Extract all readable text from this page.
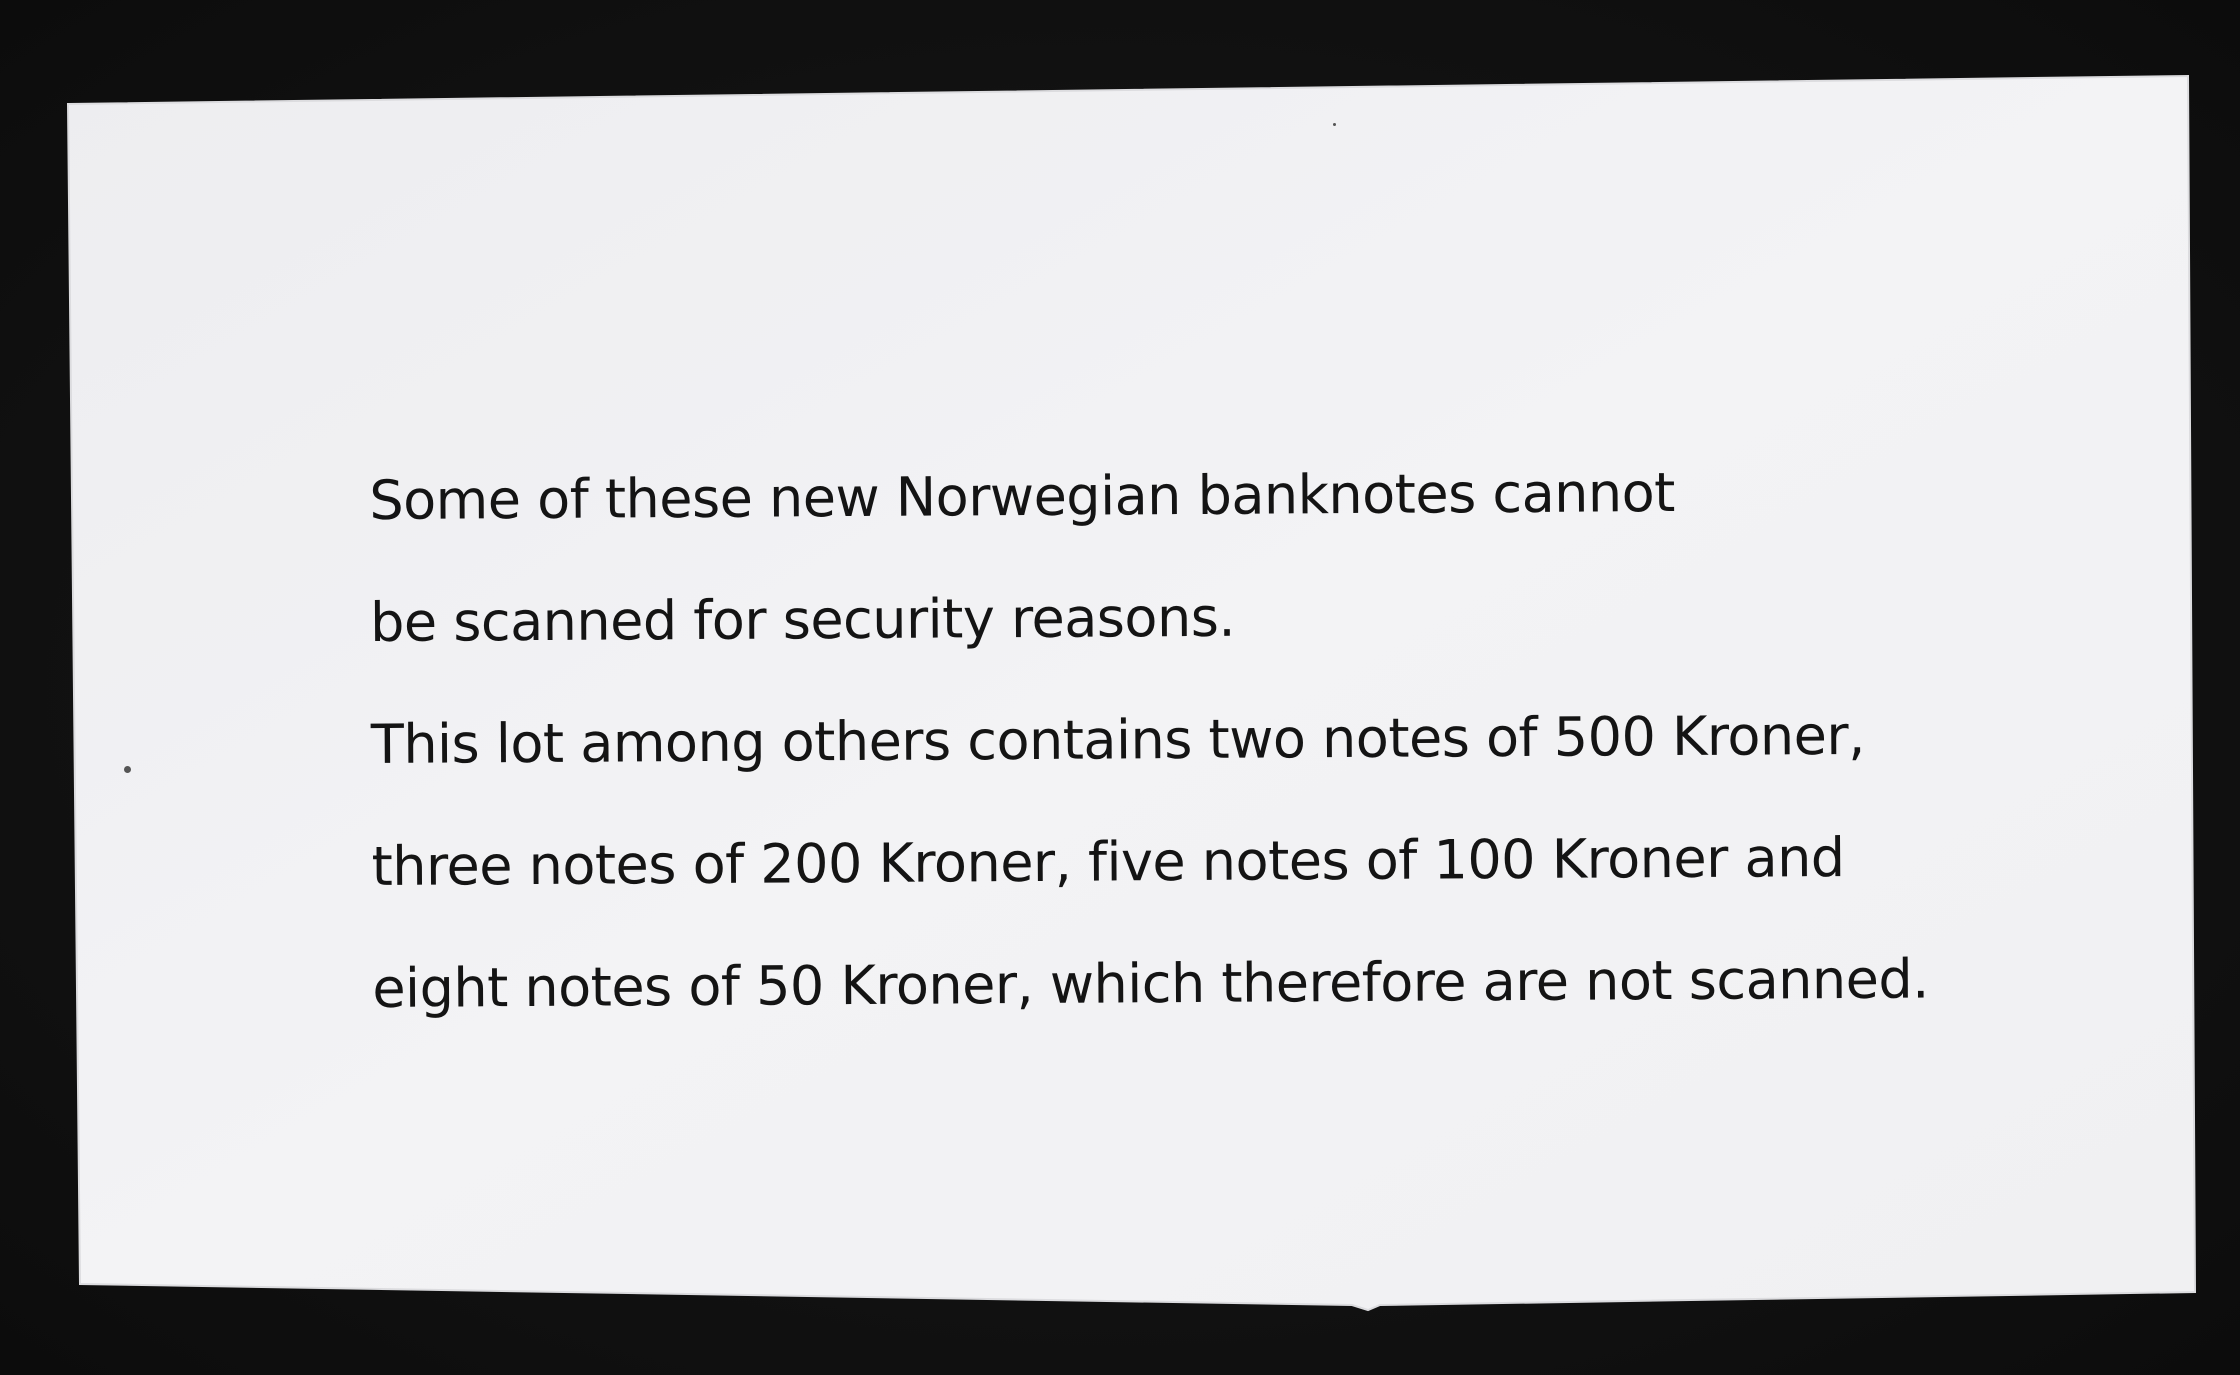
Some of these new Norwegian banknotes cannot
be scanned for security reasons.
This lot among others contains two notes of 500 Kroner,
three notes of 200 Kroner, five notes of 100 Kroner and
eight notes of 50 Kroner, which therefore are not scanned.
